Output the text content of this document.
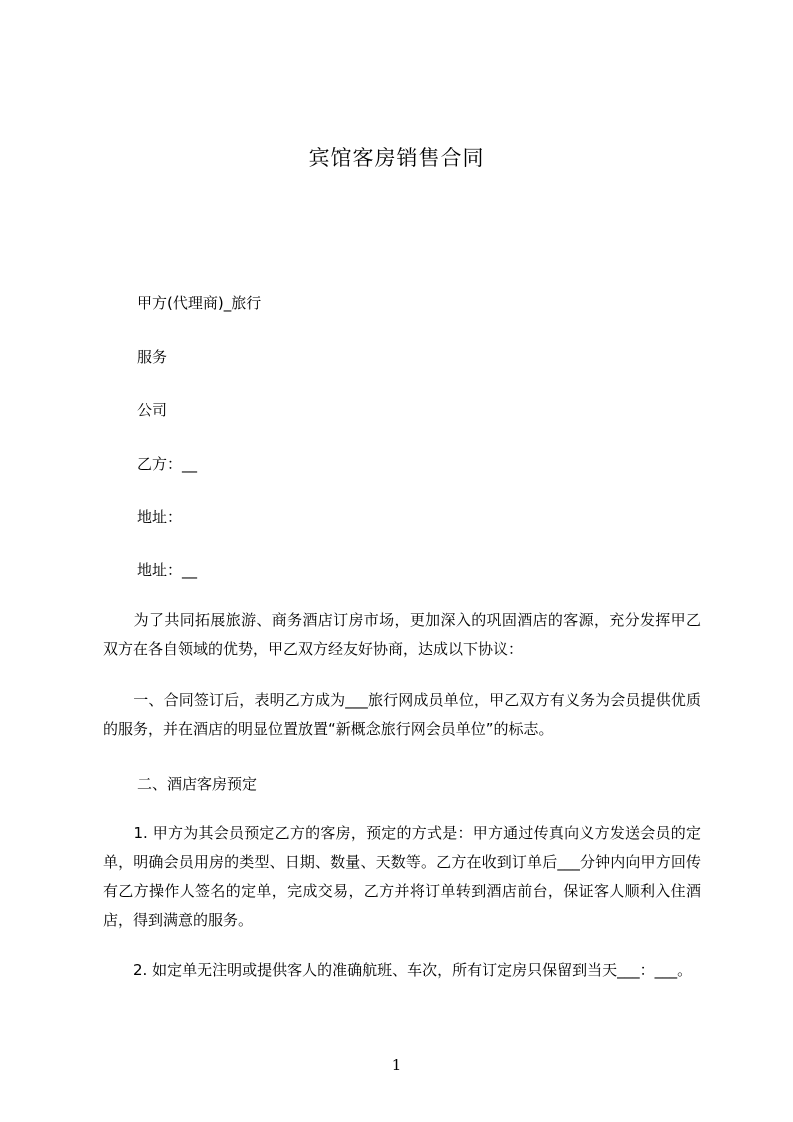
宾馆客房销售合同
甲方(代理商)_旅行
服务
公司
乙方：__
地址：
地址：__
　　为了共同拓展旅游、商务酒店订房市场，更加深入的巩固酒店的客源，充分发挥甲乙双方在各自领域的优势，甲乙双方经友好协商，达成以下协议：
　　一、合同签订后，表明乙方成为___旅行网成员单位，甲乙双方有义务为会员提供优质的服务，并在酒店的明显位置放置“新概念旅行网会员单位”的标志。
二、酒店客房预定
　　1. 甲方为其会员预定乙方的客房，预定的方式是：甲方通过传真向义方发送会员的定单，明确会员用房的类型、日期、数量、天数等。乙方在收到订单后___分钟内向甲方回传有乙方操作人签名的定单，完成交易，乙方并将订单转到酒店前台，保证客人顺利入住酒店，得到满意的服务。
　　2. 如定单无注明或提供客人的准确航班、车次，所有订定房只保留到当天___：___。
1
